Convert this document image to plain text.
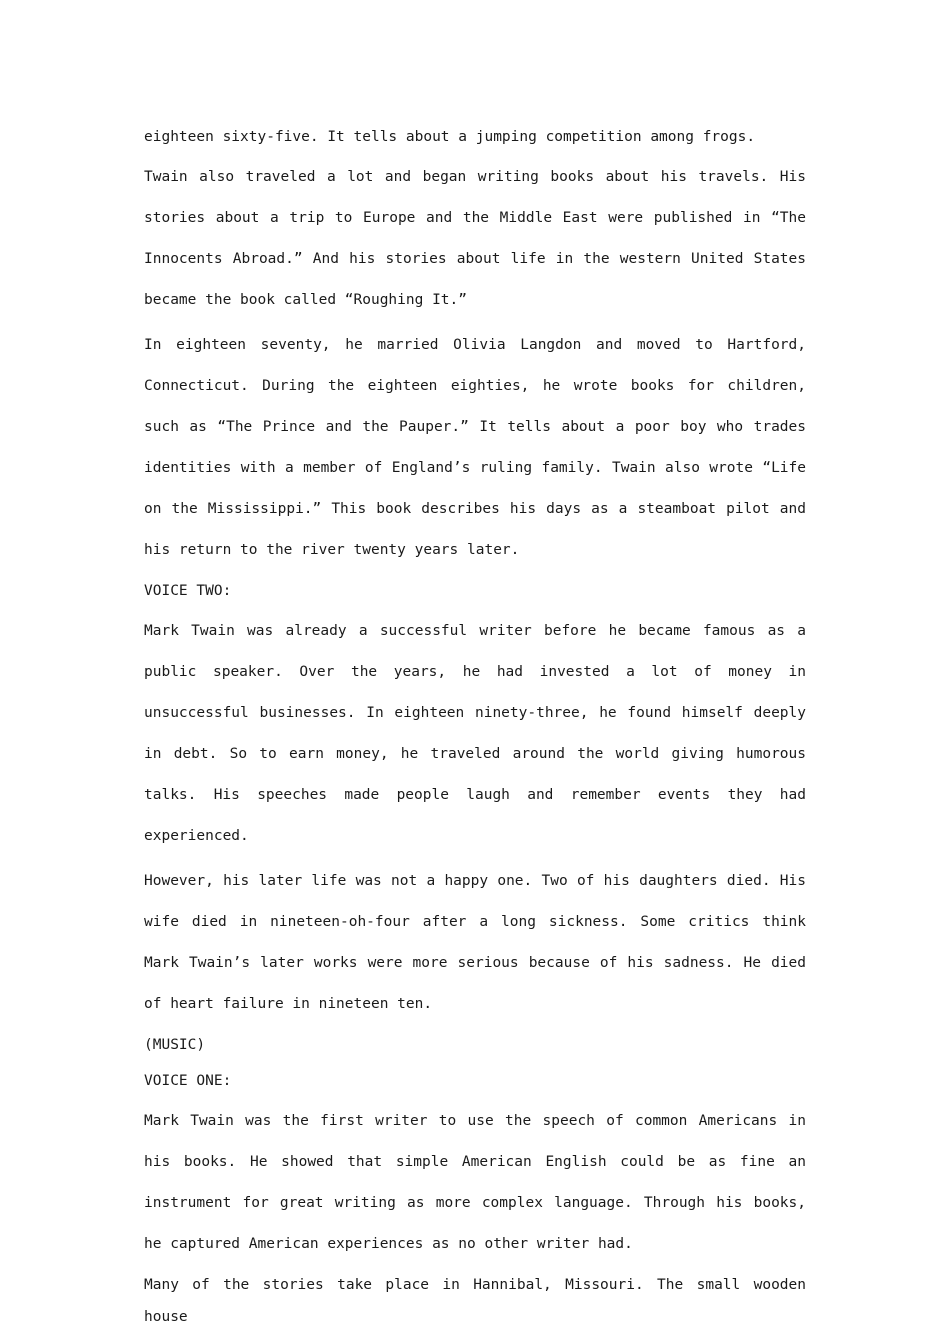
eighteen sixty-five. It tells about a jumping competition among frogs.

Twain also traveled a lot and began writing books about his travels. His stories about a trip to Europe and the Middle East were published in “The Innocents Abroad.” And his stories about life in the western United States became the book called “Roughing It.”

In eighteen seventy, he married Olivia Langdon and moved to Hartford, Connecticut. During the eighteen eighties, he wrote books for children, such as “The Prince and the Pauper.” It tells about a poor boy who trades identities with a member of England’s ruling family. Twain also wrote “Life on the Mississippi.” This book describes his days as a steamboat pilot and his return to the river twenty years later.

VOICE TWO:

Mark Twain was already a successful writer before he became famous as a public speaker. Over the years, he had invested a lot of money in unsuccessful businesses. In eighteen ninety-three, he found himself deeply in debt. So to earn money, he traveled around the world giving humorous talks. His speeches made people laugh and remember events they had experienced.

However, his later life was not a happy one. Two of his daughters died. His wife died in nineteen-oh-four after a long sickness. Some critics think Mark Twain’s later works were more serious because of his sadness. He died of heart failure in nineteen ten.

(MUSIC)

VOICE ONE:

Mark Twain was the first writer to use the speech of common Americans in his books. He showed that simple American English could be as fine an instrument for great writing as more complex language. Through his books, he captured American experiences as no other writer had.

Many of the stories take place in Hannibal, Missouri. The small wooden house
